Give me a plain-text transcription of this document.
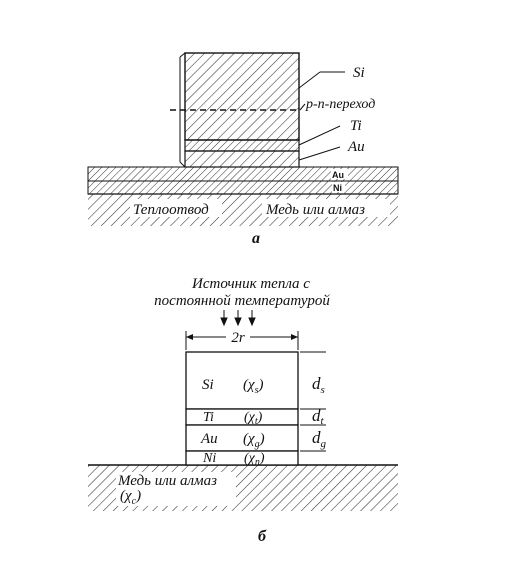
Si
p-n-переход
Ti
Au
Au
Ni
Теплоотвод	Медь или алмаз
а
Источник тепла с
постоянной температурой
2r
Si $(\chi_s)$	$d_s$
Ti $(\chi_t)$	dt
Au $(\chi_g)$	$d_g$
Ni $(\chi_n)$
Медь или алмаз
$(\chi_c)$
б
